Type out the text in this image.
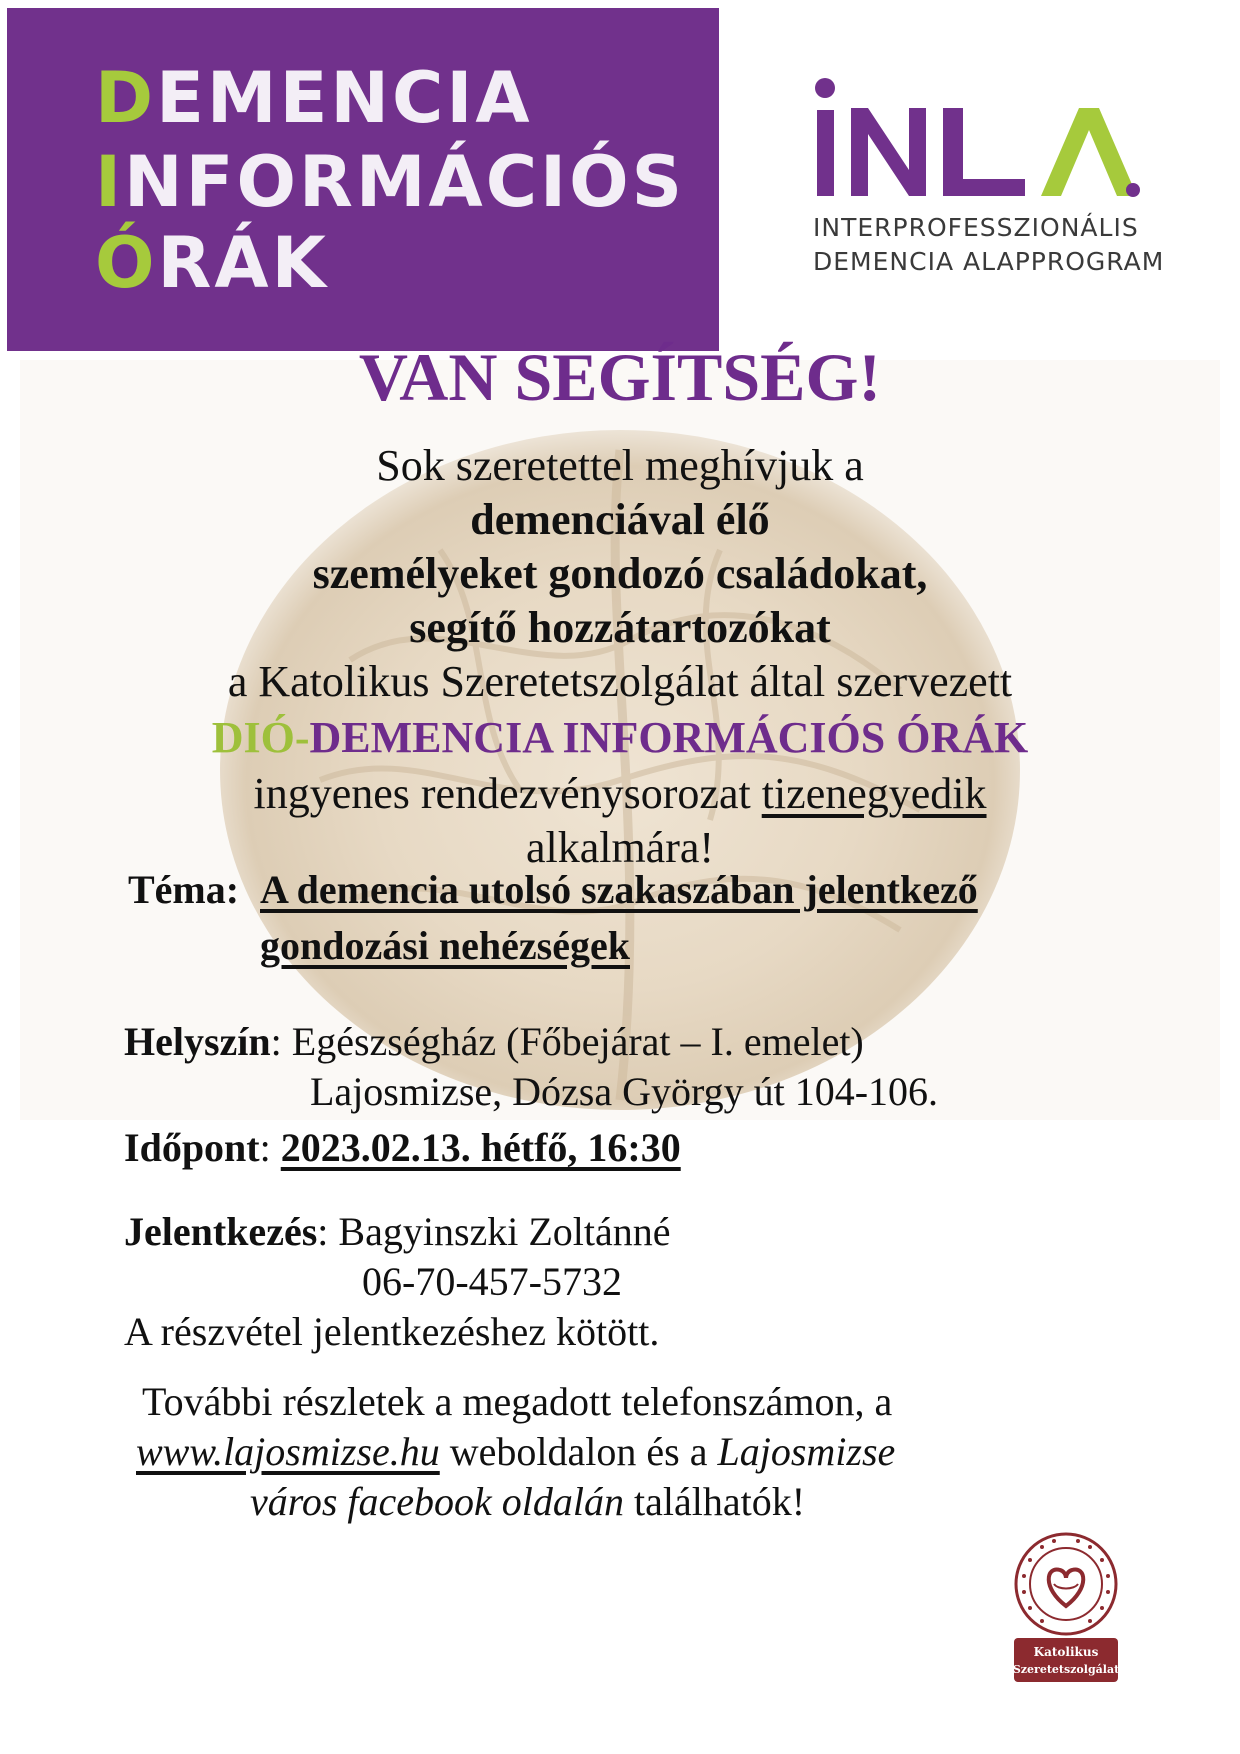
DEMENCIA
INFORMÁCIÓS
ÓRÁK	INTERPROFESSZIONÁLIS
DEMENCIA ALAPPROGRAM
VAN SEGÍTSÉG!
Sok szeretettel meghívjuk a
demenciával élő
személyeket gondozó családokat,
segítő hozzátartozókat
a Katolikus Szeretetszolgálat által szervezett
DIÓ-DEMENCIA INFORMÁCIÓS ÓRÁK
ingyenes rendezvénysorozat tizenegyedik
alkalmára!
Téma: A demencia utolsó szakaszában jelentkező
gondozási nehézségek
Helyszín: Egészségház (Főbejárat – I. emelet)
Lajosmizse, Dózsa György út 104-106.
Időpont: 2023.02.13. hétfő, 16:30
Jelentkezés: Bagyinszki Zoltánné
06-70-457-5732
A részvétel jelentkezéshez kötött.
További részletek a megadott telefonszámon, a
www.lajosmizse.hu weboldalon és a Lajosmizse
város facebook oldalán találhatók!
Katolikus
Szeretetszolgálat
